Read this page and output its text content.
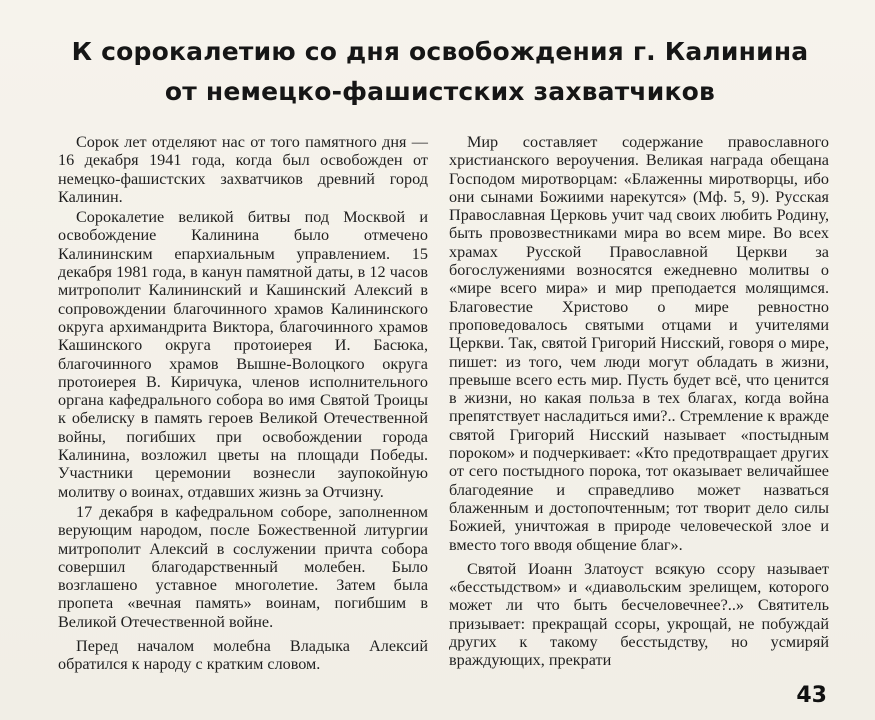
К сорокалетию со дня освобождения г. Калинина
от немецко-фашистских захватчиков

Сорок лет отделяют нас от того памятного дня — 16 декабря 1941 года, когда был освобожден от немецко-фашистских захватчиков древний город Калинин.

Сорокалетие великой битвы под Москвой и освобождение Калинина было отмечено Калининским епархиальным управлением. 15 декабря 1981 года, в канун памятной даты, в 12 часов митрополит Калининский и Кашинский Алексий в сопровождении благочинного храмов Калининского округа архимандрита Виктора, благочинного храмов Кашинского округа протоиерея И. Басюка, благочинного храмов Вышне-Волоцкого округа протоиерея В. Киричука, членов исполнительного органа кафедрального собора во имя Святой Троицы к обелиску в память героев Великой Отечественной войны, погибших при освобождении города Калинина, возложил цветы на площади Победы. Участники церемонии вознесли заупокойную молитву о воинах, отдавших жизнь за Отчизну.

17 декабря в кафедральном соборе, заполненном верующим народом, после Божественной литургии митрополит Алексий в сослужении причта собора совершил благодарственный молебен. Было возглашено уставное многолетие. Затем была пропета «вечная память» воинам, погибшим в Великой Отечественной войне.

Перед началом молебна Владыка Алексий обратился к народу с кратким словом.

Мир составляет содержание православного христианского вероучения. Великая награда обещана Господом миротворцам: «Блаженны миротворцы, ибо они сынами Божиими нарекутся» (Мф. 5, 9). Русская Православная Церковь учит чад своих любить Родину, быть провозвестниками мира во всем мире. Во всех храмах Русской Православной Церкви за богослужениями возносятся ежедневно молитвы о «мире всего мира» и мир преподается молящимся. Благовестие Христово о мире ревностно проповедовалось святыми отцами и учителями Церкви. Так, святой Григорий Нисский, говоря о мире, пишет: из того, чем люди могут обладать в жизни, превыше всего есть мир. Пусть будет всё, что ценится в жизни, но какая польза в тех благах, когда война препятствует насладиться ими?.. Стремление к вражде святой Григорий Нисский называет «постыдным пороком» и подчеркивает: «Кто предотвращает других от сего постыдного порока, тот оказывает величайшее благодеяние и справедливо может назваться блаженным и достопочтенным; тот творит дело силы Божией, уничтожая в природе человеческой злое и вместо того вводя общение благ».

Святой Иоанн Златоуст всякую ссору называет «бесстыдством» и «диавольским зрелищем, которого может ли что быть бесчеловечнее?..» Святитель призывает: прекращай ссоры, укрощай, не побуждай других к такому бесстыдству, но усмиряй враждующих, прекрати

43
